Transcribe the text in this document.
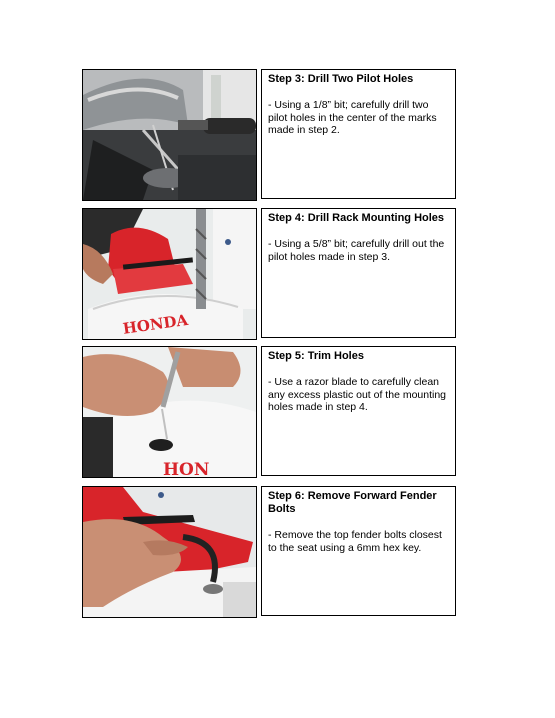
Step 3: Drill Two Pilot Holes

- Using a 1/8” bit; carefully drill two pilot holes in the center of the marks made in step 2.

HONDA

Step 4: Drill Rack Mounting Holes

- Using a 5/8” bit; carefully drill out the pilot holes made in step 3.

HON

Step 5: Trim Holes

- Use a razor blade to carefully clean any excess plastic out of the mounting holes made in step 4.

Step 6: Remove Forward Fender Bolts

- Remove the top fender bolts closest to the seat using a 6mm hex key.
